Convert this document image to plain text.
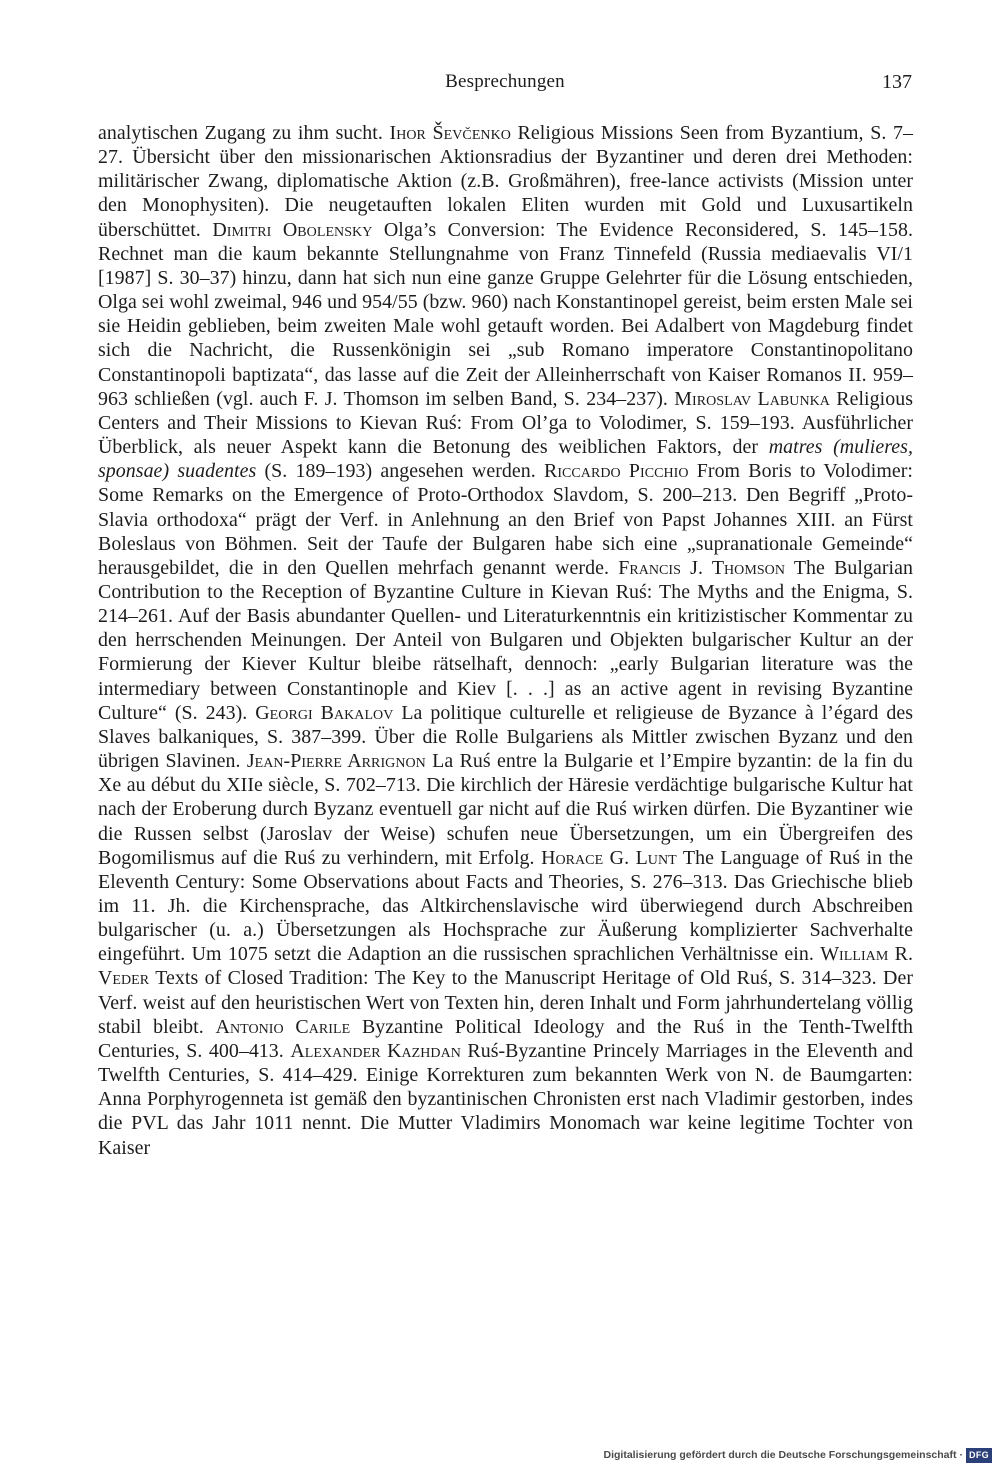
Besprechungen	137

analytischen Zugang zu ihm sucht. Ihor Ševčenko Religious Missions Seen from Byzantium, S. 7–27. Übersicht über den missionarischen Aktionsradius der Byzantiner und deren drei Methoden: militärischer Zwang, diplomatische Aktion (z.B. Großmähren), free-lance activists (Mission unter den Monophysiten). Die neugetauften lokalen Eliten wurden mit Gold und Luxusartikeln überschüttet. Dimitri Obolensky Olga’s Conversion: The Evidence Reconsidered, S. 145–158. Rechnet man die kaum bekannte Stellungnahme von Franz Tinnefeld (Russia mediaevalis VI/1 [1987] S. 30–37) hinzu, dann hat sich nun eine ganze Gruppe Gelehrter für die Lösung entschieden, Olga sei wohl zweimal, 946 und 954/55 (bzw. 960) nach Konstantinopel gereist, beim ersten Male sei sie Heidin geblieben, beim zweiten Male wohl getauft worden. Bei Adalbert von Magdeburg findet sich die Nachricht, die Russenkönigin sei „sub Romano imperatore Constantinopolitano Constantinopoli baptizata“, das lasse auf die Zeit der Alleinherrschaft von Kaiser Romanos II. 959–963 schließen (vgl. auch F. J. Thomson im selben Band, S. 234–237). Miroslav Labunka Religious Centers and Their Missions to Kievan Ruś: From Ol’ga to Volodimer, S. 159–193. Ausführlicher Überblick, als neuer Aspekt kann die Betonung des weiblichen Faktors, der matres (mulieres, sponsae) suadentes (S. 189–193) angesehen werden. Riccardo Picchio From Boris to Volodimer: Some Remarks on the Emergence of Proto-Orthodox Slavdom, S. 200–213. Den Begriff „Proto-Slavia orthodoxa“ prägt der Verf. in Anlehnung an den Brief von Papst Johannes XIII. an Fürst Boleslaus von Böhmen. Seit der Taufe der Bulgaren habe sich eine „supranationale Gemeinde“ herausgebildet, die in den Quellen mehrfach genannt werde. Francis J. Thomson The Bulgarian Contribution to the Reception of Byzantine Culture in Kievan Ruś: The Myths and the Enigma, S. 214–261. Auf der Basis abundanter Quellen- und Literaturkenntnis ein kritizistischer Kommentar zu den herrschenden Meinungen. Der Anteil von Bulgaren und Objekten bulgarischer Kultur an der Formierung der Kiever Kultur bleibe rätselhaft, dennoch: „early Bulgarian literature was the intermediary between Constantinople and Kiev [. . .] as an active agent in revising Byzantine Culture“ (S. 243). Georgi Bakalov La politique culturelle et religieuse de Byzance à l’égard des Slaves balkaniques, S. 387–399. Über die Rolle Bulgariens als Mittler zwischen Byzanz und den übrigen Slavinen. Jean-Pierre Arrignon La Ruś entre la Bulgarie et l’Empire byzantin: de la fin du Xe au début du XIIe siècle, S. 702–713. Die kirchlich der Häresie verdächtige bulgarische Kultur hat nach der Eroberung durch Byzanz eventuell gar nicht auf die Ruś wirken dürfen. Die Byzantiner wie die Russen selbst (Jaroslav der Weise) schufen neue Übersetzungen, um ein Übergreifen des Bogomilismus auf die Ruś zu verhindern, mit Erfolg. Horace G. Lunt The Language of Ruś in the Eleventh Century: Some Observations about Facts and Theories, S. 276–313. Das Griechische blieb im 11. Jh. die Kirchensprache, das Altkirchenslavische wird überwiegend durch Abschreiben bulgarischer (u. a.) Übersetzungen als Hochsprache zur Äußerung komplizierter Sachverhalte eingeführt. Um 1075 setzt die Adaption an die russischen sprachlichen Verhältnisse ein. William R. Veder Texts of Closed Tradition: The Key to the Manuscript Heritage of Old Ruś, S. 314–323. Der Verf. weist auf den heuristischen Wert von Texten hin, deren Inhalt und Form jahrhundertelang völlig stabil bleibt. Antonio Carile Byzantine Political Ideology and the Ruś in the Tenth-Twelfth Centuries, S. 400–413. Alexander Kazhdan Ruś-Byzantine Princely Marriages in the Eleventh and Twelfth Centuries, S. 414–429. Einige Korrekturen zum bekannten Werk von N. de Baumgarten: Anna Porphyrogenneta ist gemäß den byzantinischen Chronisten erst nach Vladimir gestorben, indes die PVL das Jahr 1011 nennt. Die Mutter Vladimirs Monomach war keine legitime Tochter von Kaiser

Digitalisierung gefördert durch die Deutsche Forschungsgemeinschaft · DFG
